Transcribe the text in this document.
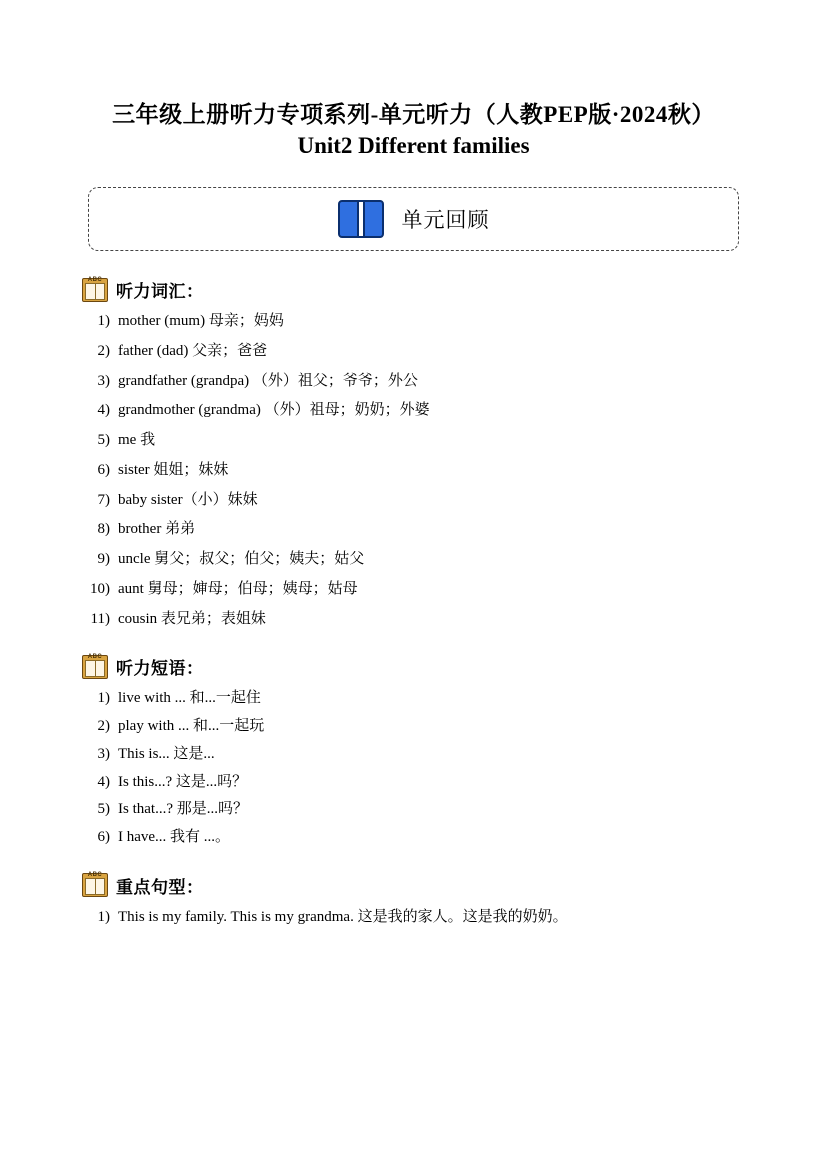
三年级上册听力专项系列-单元听力（人教PEP版·2024秋）
Unit2 Different families
单元回顾
ABC
听力词汇：
1) mother (mum) 母亲；妈妈
2) father (dad) 父亲；爸爸
3) grandfather (grandpa) （外）祖父；爷爷；外公
4) grandmother (grandma) （外）祖母；奶奶；外婆
5) me 我
6) sister 姐姐；妹妹
7) baby sister（小）妹妹
8) brother 弟弟
9) uncle 舅父；叔父；伯父；姨夫；姑父
10) aunt 舅母；婶母；伯母；姨母；姑母
11) cousin 表兄弟；表姐妹
ABC
听力短语：
1) live with ... 和...一起住
2) play with ... 和...一起玩
3) This is... 这是...
4) Is this...? 这是...吗？
5) Is that...? 那是...吗？
6) I have... 我有 ...。
ABC
重点句型：
1) This is my family. This is my grandma. 这是我的家人。这是我的奶奶。
